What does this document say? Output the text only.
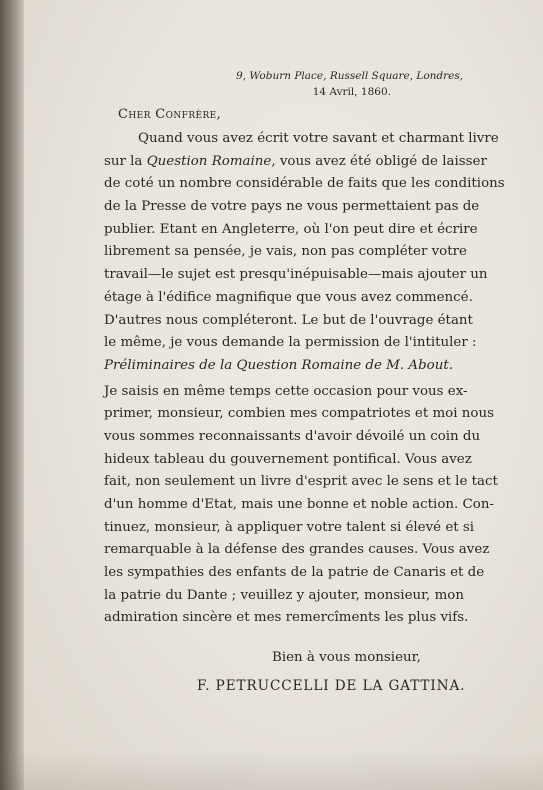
9, Woburn Place, Russell Square, Londres,
14 Avril, 1860.
Cher Confrère,
Quand vous avez écrit votre savant et charmant livre
sur la Question Romaine, vous avez été obligé de laisser
de coté un nombre considérable de faits que les conditions
de la Presse de votre pays ne vous permettaient pas de
publier. Etant en Angleterre, où l'on peut dire et écrire
librement sa pensée, je vais, non pas compléter votre
travail—le sujet est presqu'inépuisable—mais ajouter un
étage à l'édifice magnifique que vous avez commencé.
D'autres nous compléteront. Le but de l'ouvrage étant
le même, je vous demande la permission de l'intituler :
Préliminaires de la Question Romaine de M. About.
Je saisis en même temps cette occasion pour vous ex-
primer, monsieur, combien mes compatriotes et moi nous
vous sommes reconnaissants d'avoir dévoilé un coin du
hideux tableau du gouvernement pontifical. Vous avez
fait, non seulement un livre d'esprit avec le sens et le tact
d'un homme d'Etat, mais une bonne et noble action. Con-
tinuez, monsieur, à appliquer votre talent si élevé et si
remarquable à la défense des grandes causes. Vous avez
les sympathies des enfants de la patrie de Canaris et de
la patrie du Dante ; veuillez y ajouter, monsieur, mon
admiration sincère et mes remercîments les plus vifs.
Bien à vous monsieur,
F. PETRUCCELLI DE LA GATTINA.
